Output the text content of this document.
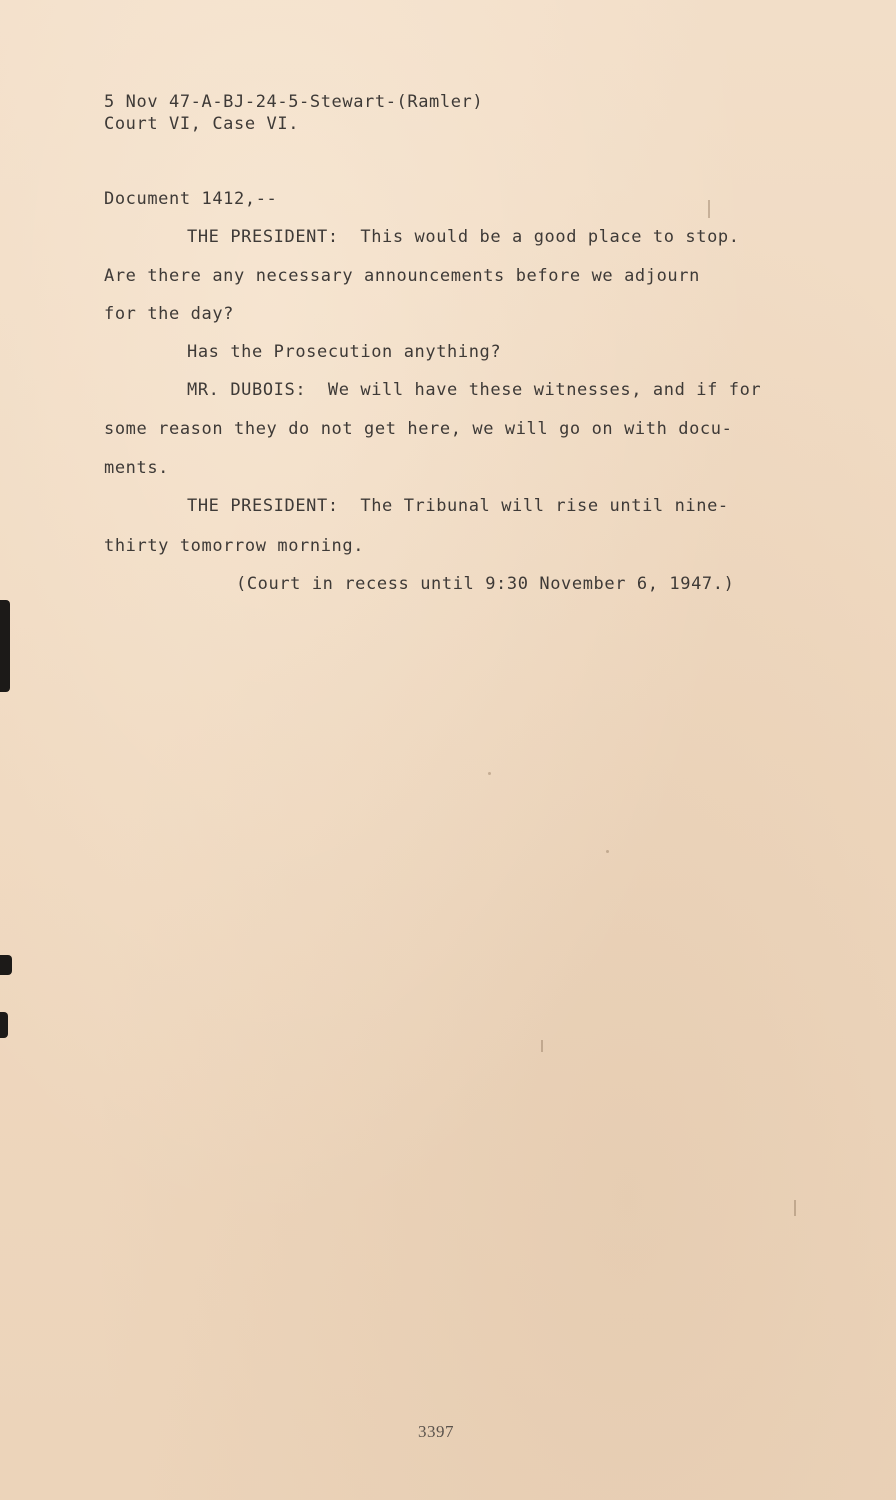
5 Nov 47-A-BJ-24-5-Stewart-(Ramler)
Court VI, Case VI.
Document 1412,--
THE PRESIDENT:  This would be a good place to stop.
Are there any necessary announcements before we adjourn
for the day?
Has the Prosecution anything?
MR. DUBOIS:  We will have these witnesses, and if for
some reason they do not get here, we will go on with docu-
ments.
THE PRESIDENT:  The Tribunal will rise until nine-
thirty tomorrow morning.
(Court in recess until 9:30 November 6, 1947.)
3397
